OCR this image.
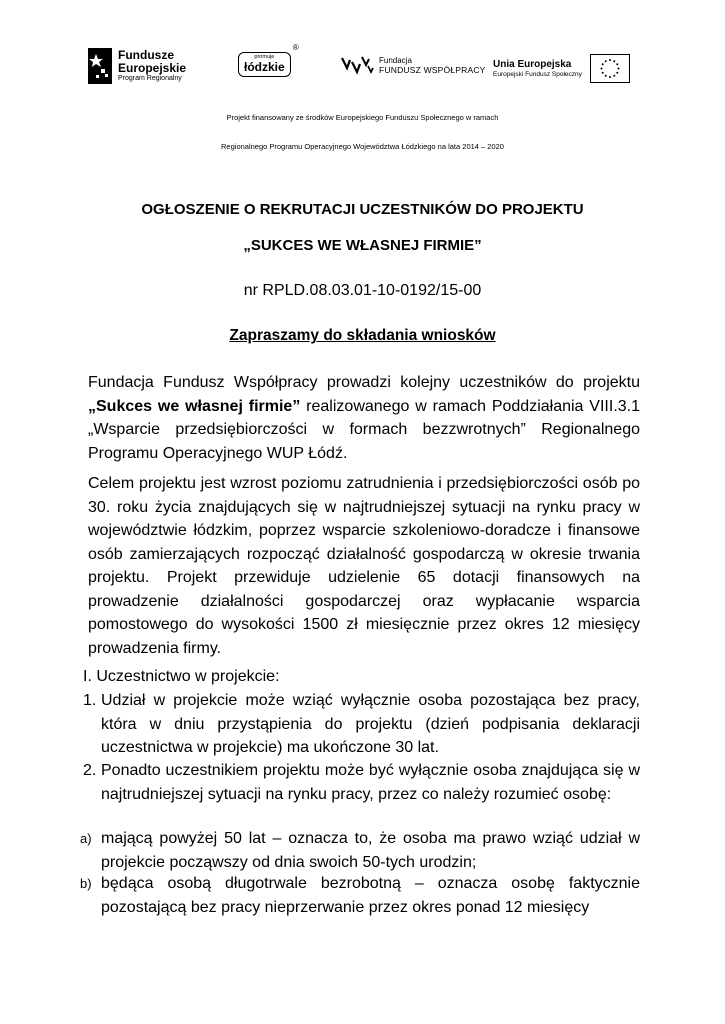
Fundusze
Europejskie
Program Regionalny
promuje
łódzkie
®
Fundacja
FUNDUSZ WSPÓŁPRACY Unia Europejska
Europejski Fundusz Społeczny
Projekt finansowany ze środków Europejskiego Funduszu Społecznego w ramach
Regionalnego Programu Operacyjnego Województwa Łódzkiego na lata 2014 – 2020
OGŁOSZENIE O REKRUTACJI UCZESTNIKÓW DO PROJEKTU
„SUKCES WE WŁASNEJ FIRMIE”
nr RPLD.08.03.01-10-0192/15-00
Zapraszamy do składania wniosków
Fundacja Fundusz Współpracy prowadzi kolejny uczestników do projektu „Sukces we własnej firmie” realizowanego w ramach Poddziałania VIII.3.1 „Wsparcie przedsiębiorczości w formach bezzwrotnych” Regionalnego Programu Operacyjnego WUP Łódź.
Celem projektu jest wzrost poziomu zatrudnienia i przedsiębiorczości osób po 30. roku życia znajdujących się w najtrudniejszej sytuacji na rynku pracy w województwie łódzkim, poprzez wsparcie szkoleniowo-doradcze i finansowe osób zamierzających rozpocząć działalność gospodarczą w okresie trwania projektu. Projekt przewiduje udzielenie 65 dotacji finansowych na prowadzenie działalności gospodarczej oraz wypłacanie wsparcia pomostowego do wysokości 1500 zł miesięcznie przez okres 12 miesięcy prowadzenia firmy.
I. Uczestnictwo w projekcie:
1. Udział w projekcie może wziąć wyłącznie osoba pozostająca bez pracy, która w dniu przystąpienia do projektu (dzień podpisania deklaracji uczestnictwa w projekcie) ma ukończone 30 lat.
2. Ponadto uczestnikiem projektu może być wyłącznie osoba znajdująca się w najtrudniejszej sytuacji na rynku pracy, przez co należy rozumieć osobę:
a) mającą powyżej 50 lat – oznacza to, że osoba ma prawo wziąć udział w projekcie począwszy od dnia swoich 50-tych urodzin;
b) będąca osobą długotrwale bezrobotną – oznacza osobę faktycznie pozostającą bez pracy nieprzerwanie przez okres ponad 12 miesięcy
